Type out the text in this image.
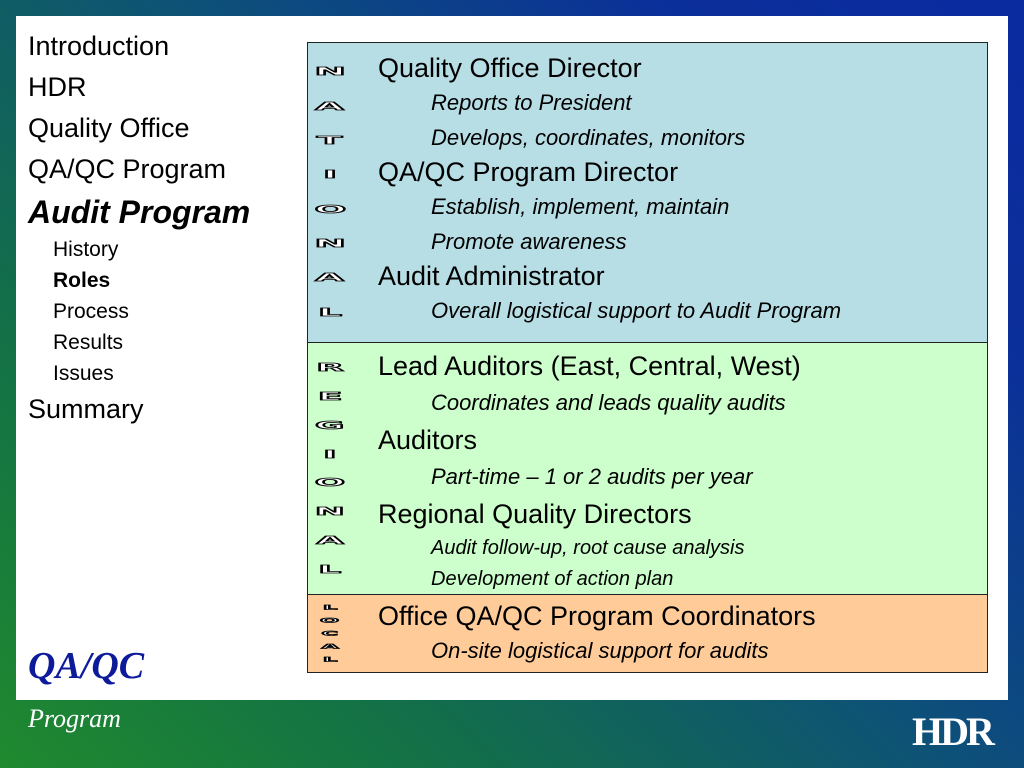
Introduction
HDR
Quality Office
QA/QC Program
Audit Program
History
Roles
Process
Results
Issues
Summary
QA/QC
N
A
T
I
O
N
A
L
Quality Office Director
Reports to President
Develops, coordinates, monitors
QA/QC Program Director
Establish, implement, maintain
Promote awareness
Audit Administrator
Overall logistical support to Audit Program
R
E
G
I
O
N
A
L
Lead Auditors (East, Central, West)
Coordinates and leads quality audits
Auditors
Part-time – 1 or 2 audits per year
Regional Quality Directors
Audit follow-up, root cause analysis
Development of action plan
L
O
C
A
L
Office QA/QC Program Coordinators
On-site logistical support for audits
Program	HDR
